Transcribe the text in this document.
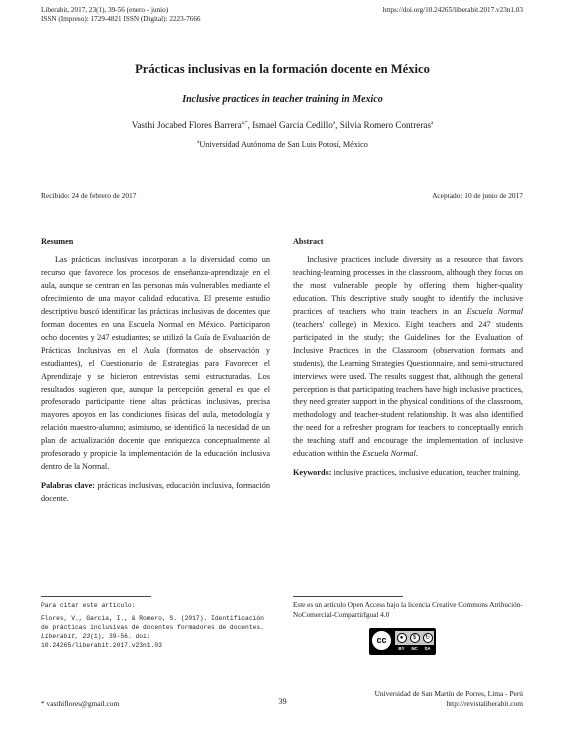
Liberabit, 2017, 23(1), 39-56 (enero - junio)
ISSN (Impreso): 1729-4821 ISSN (Digital): 2223-7666
https://doi.org/10.24265/liberabit.2017.v23n1.03
Prácticas inclusivas en la formación docente en México
Inclusive practices in teacher training in Mexico
Vasthi Jocabed Flores Barrera$^{a,*}$, Ismael García Cedillo$^a$, Silvia Romero Contreras$^a$
$^a$Universidad Autónoma de San Luis Potosí, México
Recibido: 24 de febrero de 2017	Aceptado: 10 de junio de 2017
Resumen	Abstract

Las prácticas inclusivas incorporan a la diversidad como un recurso que favorece los procesos de enseñanza-aprendizaje en el aula, aunque se centran en las personas más vulnerables mediante el ofrecimiento de una mayor calidad educativa. El presente estudio descriptivo buscó identificar las prácticas inclusivas de docentes que forman docentes en una Escuela Normal en México. Participaron ocho docentes y 247 estudiantes; se utilizó la Guía de Evaluación de Prácticas Inclusivas en el Aula (formatos de observación y estudiantes), el Cuestionario de Estrategias para Favorecer el Aprendizaje y se hicieron entrevistas semi estructuradas. Los resultados sugieren que, aunque la percepción general es que el profesorado participante tiene altas prácticas inclusivas, precisa mayores apoyos en las condiciones físicas del aula, metodología y relación maestro-alumno; asimismo, se identificó la necesidad de un plan de actualización docente que enriquezca conceptualmente al profesorado y propicie la implementación de la educación inclusiva dentro de la Normal.

Palabras clave: prácticas inclusivas, educación inclusiva, formación docente.

Inclusive practices include diversity as a resource that favors teaching-learning processes in the classroom, although they focus on the most vulnerable people by offering them higher-quality education. This descriptive study sought to identify the inclusive practices of teachers who train teachers in an Escuela Normal (teachers' college) in Mexico. Eight teachers and 247 students participated in the study; the Guidelines for the Evaluation of Inclusive Practices in the Classroom (observation formats and students), the Learning Strategies Questionnaire, and semi-structured interviews were used. The results suggest that, although the general perception is that participating teachers have high inclusive practices, they need greater support in the physical conditions of the classroom, methodology and teacher-student relationship. It was also identified the need for a refresher program for teachers to conceptually enrich the teaching staff and encourage the implementation of inclusive education within the Escuela Normal.

Keywords: inclusive practices, inclusive education, teacher training.
Para citar este artículo:
Flores, V., García, I., & Romero, S. (2017). Identificación de prácticas inclusivas de docentes formadores de docentes. Liberabit, 23(1), 39-56. doi: 10.24265/liberabit.2017.v23n1.03
Este es un artículo Open Access bajo la licencia Creative Commons Atribución-NoComercial-CompartirIgual 4.0
cc	●	$	↻
BY NC SA
* vasthiflores@gmail.com	39
Universidad de San Martín de Porres, Lima - Perú
http://revistaliberabit.com
